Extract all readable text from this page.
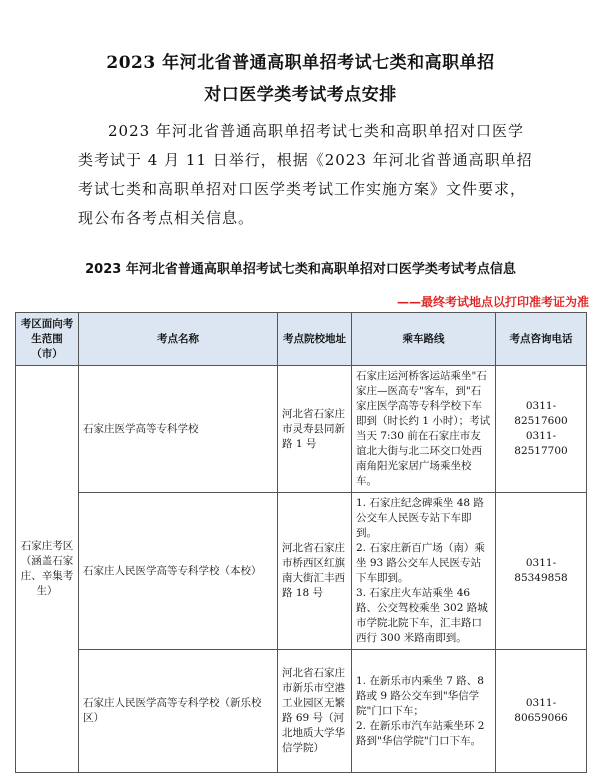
2023 年河北省普通高职单招考试七类和高职单招
对口医学类考试考点安排

2023 年河北省普通高职单招考试七类和高职单招对口医学类考试于 4 月 11 日举行，根据《2023 年河北省普通高职单招考试七类和高职单招对口医学类考试工作实施方案》文件要求，现公布各考点相关信息。

2023 年河北省普通高职单招考试七类和高职单招对口医学类考试考点信息
——最终考试地点以打印准考证为准
考区面向考生范围（市）	考点名称	考点院校地址	乘车路线	考点咨询电话
石家庄考区（涵盖石家庄、辛集考生）	石家庄医学高等专科学校	河北省石家庄市灵寿县同新路 1 号	石家庄运河桥客运站乘坐"石家庄—医高专"客车，到"石家庄医学高等专科学校下车即到（时长约 1 小时）；考试当天 7:30 前在石家庄市友谊北大街与北二环交口处西南角阳光家居广场乘坐校车。	0311-82517600
0311-82517700
	石家庄人民医学高等专科学校（本校）	河北省石家庄市桥西区红旗南大街汇丰西路 18 号	1. 石家庄纪念碑乘坐 48 路公交车人民医专站下车即到。
2. 石家庄新百广场（南）乘坐 93 路公交车人民医专站下车即到。
3. 石家庄火车站乘坐 46 路、公交驾校乘坐 302 路城市学院北院下车，汇丰路口西行 300 米路南即到。	0311-85349858
	石家庄人民医学高等专科学校（新乐校区）	河北省石家庄市新乐市空港工业园区无繁路 69 号（河北地质大学华信学院）	1. 在新乐市内乘坐 7 路、8 路或 9 路公交车到"华信学院"门口下车；
2. 在新乐市汽车站乘坐环 2 路到"华信学院"门口下车。	0311-80659066
